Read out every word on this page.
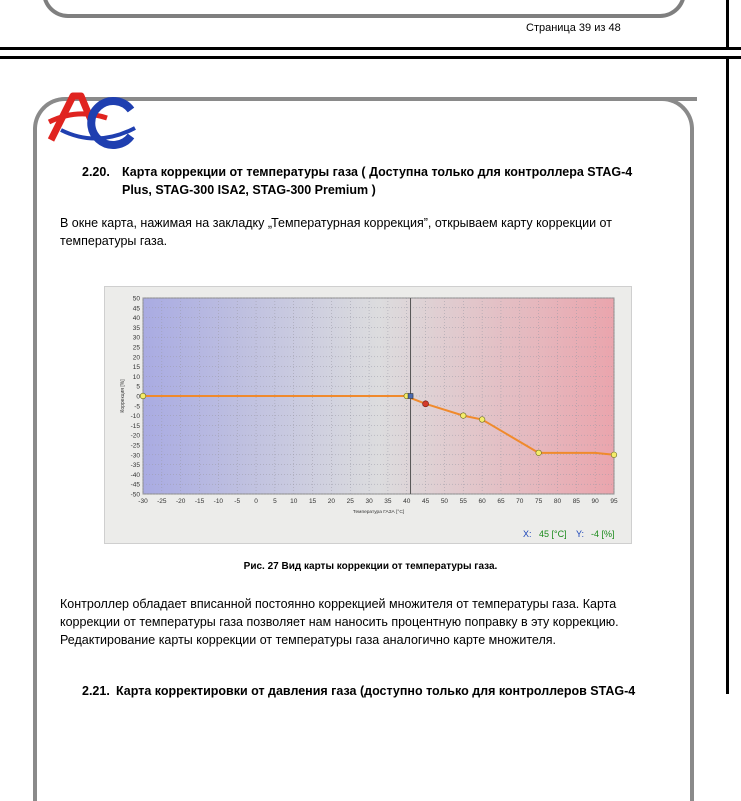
Страница 39 из 48
2.20. Карта коррекции от температуры газа ( Доступна только для контроллера STAG-4
Plus, STAG-300 ISA2, STAG-300 Premium )
В окне карта, нажимая на закладку „Температурная коррекция”, открываем карту коррекции от
температуры газа.
50
45
40
35
30
25
20
15
10
5
0
-5
-10
-15
-20
-25
-30
-35
-40
-45
-50
-30 -25 -20 -15 -10 -5 0 5 10 15 20 25 30 35 40 45 50 55 60 65 70 75 80 85 90 95
Температура ГАЗА [°C]
Коррекция [%]
X: 45 [°C] Y: -4 [%]
Рис. 27 Вид карты коррекции от температуры газа.
Контроллер обладает вписанной постоянно коррекцией множителя от температуры газа. Карта
коррекции от температуры газа позволяет нам наносить процентную поправку в эту коррекцию.
Редактирование карты коррекции от температуры газа аналогично карте множителя.
2.21. Карта корректировки от давления газа (доступно только для контроллеров STAG-4
